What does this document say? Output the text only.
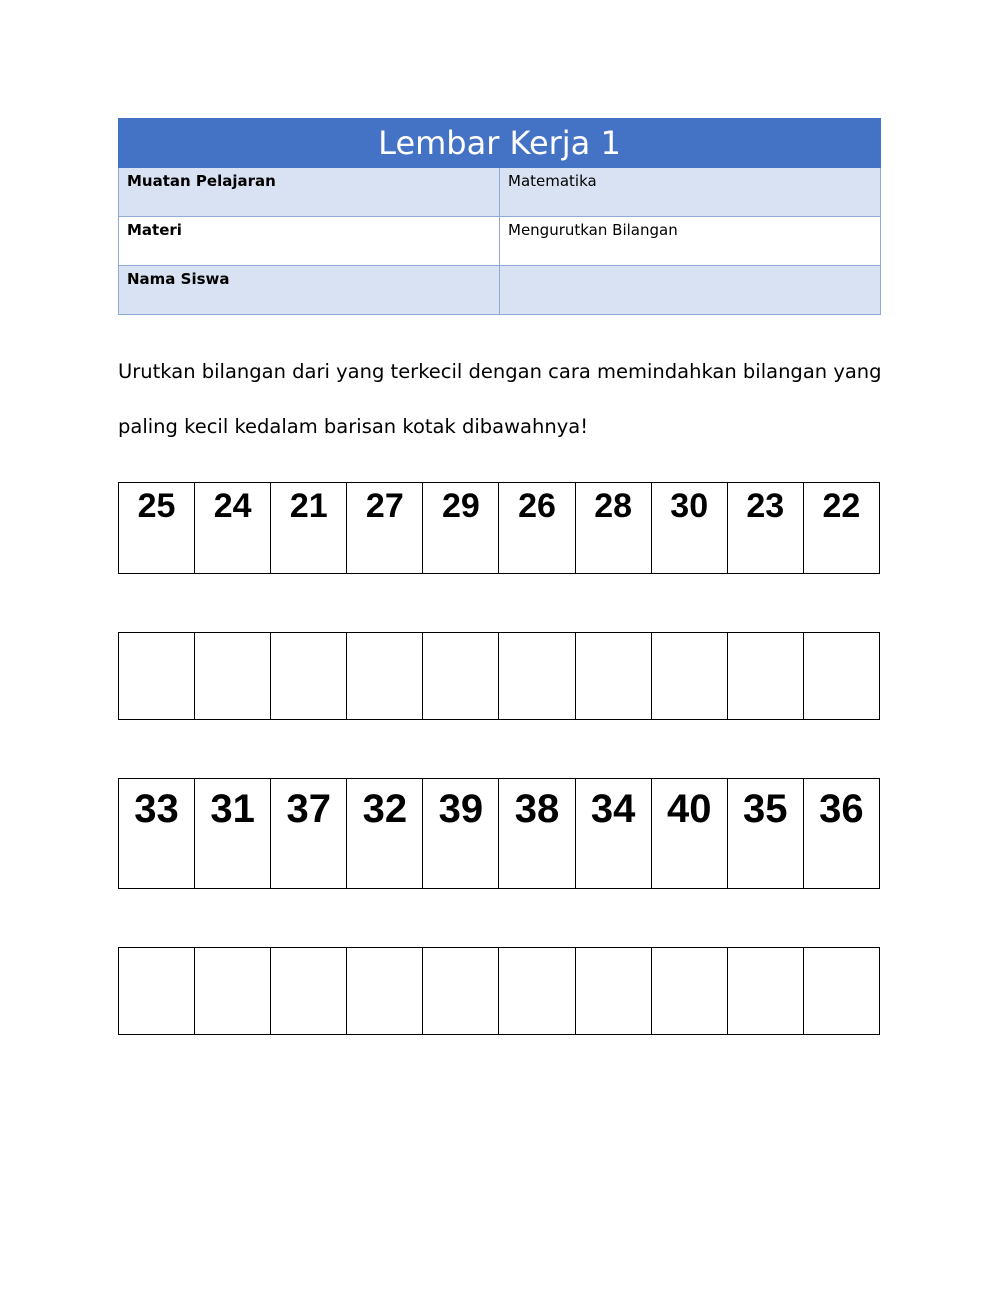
Lembar Kerja 1	
Muatan Pelajaran	Matematika
Materi	Mengurutkan Bilangan
Nama Siswa	

Urutkan bilangan dari yang terkecil dengan cara memindahkan bilangan yang

paling kecil kedalam barisan kotak dibawahnya!

25	24	21	27	29	26	28	30	23	22

33	31	37	32	39	38	34	40	35	36
